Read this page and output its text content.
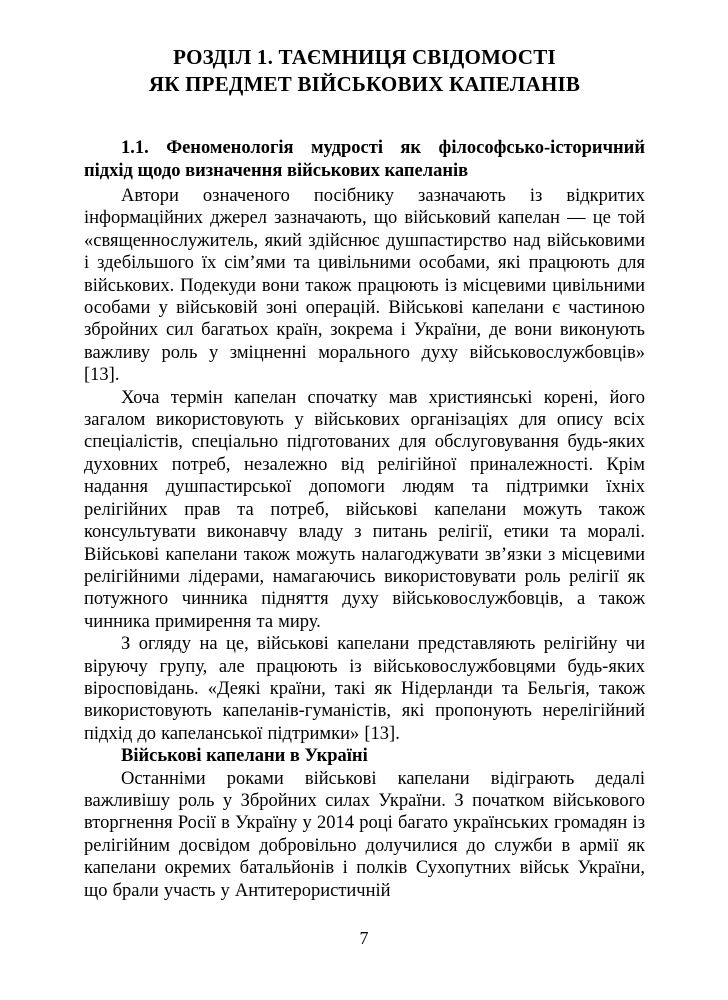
РОЗДІЛ 1. ТАЄМНИЦЯ СВІДОМОСТІ
ЯК ПРЕДМЕТ ВІЙСЬКОВИХ КАПЕЛАНІВ
1.1. Феноменологія мудрості як філософсько-історичний підхід щодо визначення військових капеланів

Автори означеного посібнику зазначають із відкритих інформаційних джерел зазначають, що військовий капелан — це той «священнослужитель, який здійснює душпастирство над військовими і здебільшого їх сім’ями та цивільними особами, які працюють для військових. Подекуди вони також працюють із місцевими цивільними особами у військовій зоні операцій. Військові капелани є частиною збройних сил багатьох країн, зокрема і України, де вони виконують важливу роль у зміцненні морального духу військовослужбовців» [13].

Хоча термін капелан спочатку мав християнські корені, його загалом використовують у військових організаціях для опису всіх спеціалістів, спеціально підготованих для обслуговування будь-яких духовних потреб, незалежно від релігійної приналежності. Крім надання душпастирської допомоги людям та підтримки їхніх релігійних прав та потреб, військові капелани можуть також консультувати виконавчу владу з питань релігії, етики та моралі. Військові капелани також можуть налагоджувати зв’язки з місцевими релігійними лідерами, намагаючись використовувати роль релігії як потужного чинника підняття духу військовослужбовців, а також чинника примирення та миру.

З огляду на це, військові капелани представляють релігійну чи віруючу групу, але працюють із військовослужбовцями будь-яких віросповідань. «Деякі країни, такі як Нідерланди та Бельгія, також використовують капеланів-гуманістів, які пропонують нерелігійний підхід до капеланської підтримки» [13].

Військові капелани в Україні

Останніми роками військові капелани відіграють дедалі важливішу роль у Збройних силах України. З початком військового вторгнення Росії в Україну у 2014 році багато українських громадян із релігійним досвідом добровільно долучилися до служби в армії як капелани окремих батальйонів і полків Сухопутних військ України, що брали участь у Антитерористичній

7
